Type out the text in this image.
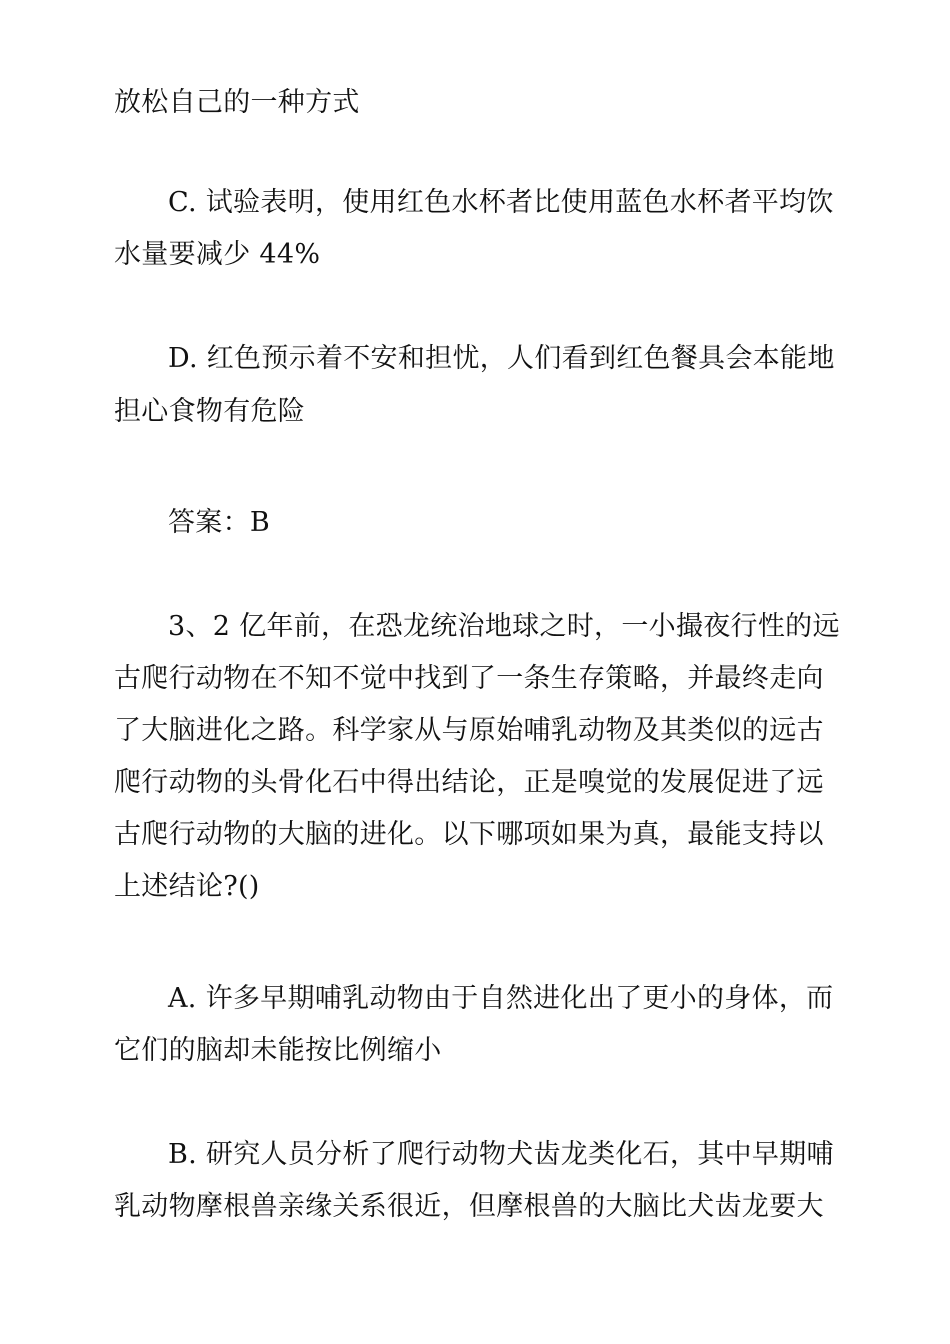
放松自己的一种方式
C. 试验表明，使用红色水杯者比使用蓝色水杯者平均饮
水量要减少 44%
D. 红色预示着不安和担忧，人们看到红色餐具会本能地
担心食物有危险
答案：B
3、2 亿年前，在恐龙统治地球之时，一小撮夜行性的远
古爬行动物在不知不觉中找到了一条生存策略，并最终走向
了大脑进化之路。科学家从与原始哺乳动物及其类似的远古
爬行动物的头骨化石中得出结论，正是嗅觉的发展促进了远
古爬行动物的大脑的进化。以下哪项如果为真，最能支持以
上述结论?()
A. 许多早期哺乳动物由于自然进化出了更小的身体，而
它们的脑却未能按比例缩小
B. 研究人员分析了爬行动物犬齿龙类化石，其中早期哺
乳动物摩根兽亲缘关系很近，但摩根兽的大脑比犬齿龙要大
